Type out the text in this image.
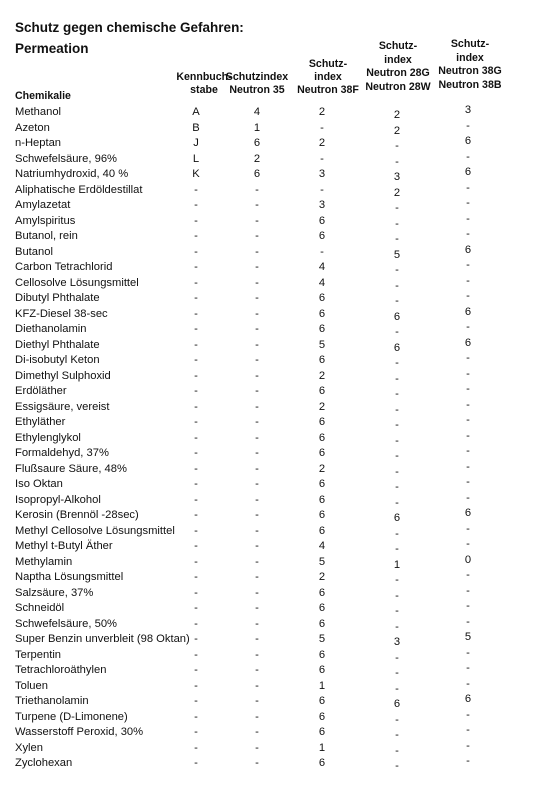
Schutz gegen chemische Gefahren:
Permeation
Chemikalie
Kennbuch-
stabe
Schutzindex
Neutron 35
Schutz-
index
Neutron 38F
Schutz-
index
Neutron 28G
Neutron 28W
Schutz-
index
Neutron 38G
Neutron 38B
Methanol	A	4	2	2	3
Azeton	B	1	-	2	-
n-Heptan	J	6	2	-	6
Schwefelsäure, 96%	L	2	-	-	-
Natriumhydroxid, 40 %	K	6	3	3	6
Aliphatische Erdöldestillat	-	-	-	2	-
Amylazetat	-	-	3	-	-
Amylspiritus	-	-	6	-	-
Butanol, rein	-	-	6	-	-
Butanol	-	-	-	5	6
Carbon Tetrachlorid	-	-	4	-	-
Cellosolve Lösungsmittel	-	-	4	-	-
Dibutyl Phthalate	-	-	6	-	-
KFZ-Diesel 38-sec	-	-	6	6	6
Diethanolamin	-	-	6	-	-
Diethyl Phthalate	-	-	5	6	6
Di-isobutyl Keton	-	-	6	-	-
Dimethyl Sulphoxid	-	-	2	-	-
Erdöläther	-	-	6	-	-
Essigsäure, vereist	-	-	2	-	-
Ethyläther	-	-	6	-	-
Ethylenglykol	-	-	6	-	-
Formaldehyd, 37%	-	-	6	-	-
Flußsaure Säure, 48%	-	-	2	-	-
Iso Oktan	-	-	6	-	-
Isopropyl-Alkohol	-	-	6	-	-
Kerosin (Brennöl -28sec)	-	-	6	6	6
Methyl Cellosolve Lösungsmittel	-	-	6	-	-
Methyl t-Butyl Äther	-	-	4	-	-
Methylamin	-	-	5	1	0
Naptha Lösungsmittel	-	-	2	-	-
Salzsäure, 37%	-	-	6	-	-
Schneidöl	-	-	6	-	-
Schwefelsäure, 50%	-	-	6	-	-
Super Benzin unverbleit (98 Oktan) -	-	5	3	5
Terpentin	-	-	6	-	-
Tetrachloroäthylen	-	-	6	-	-
Toluen	-	-	1	-	-
Triethanolamin	-	-	6	6	6
Turpene (D-Limonene)	-	-	6	-	-
Wasserstoff Peroxid, 30%	-	-	6	-	-
Xylen	-	-	1	-	-
Zyclohexan	-	-	6	-	-
